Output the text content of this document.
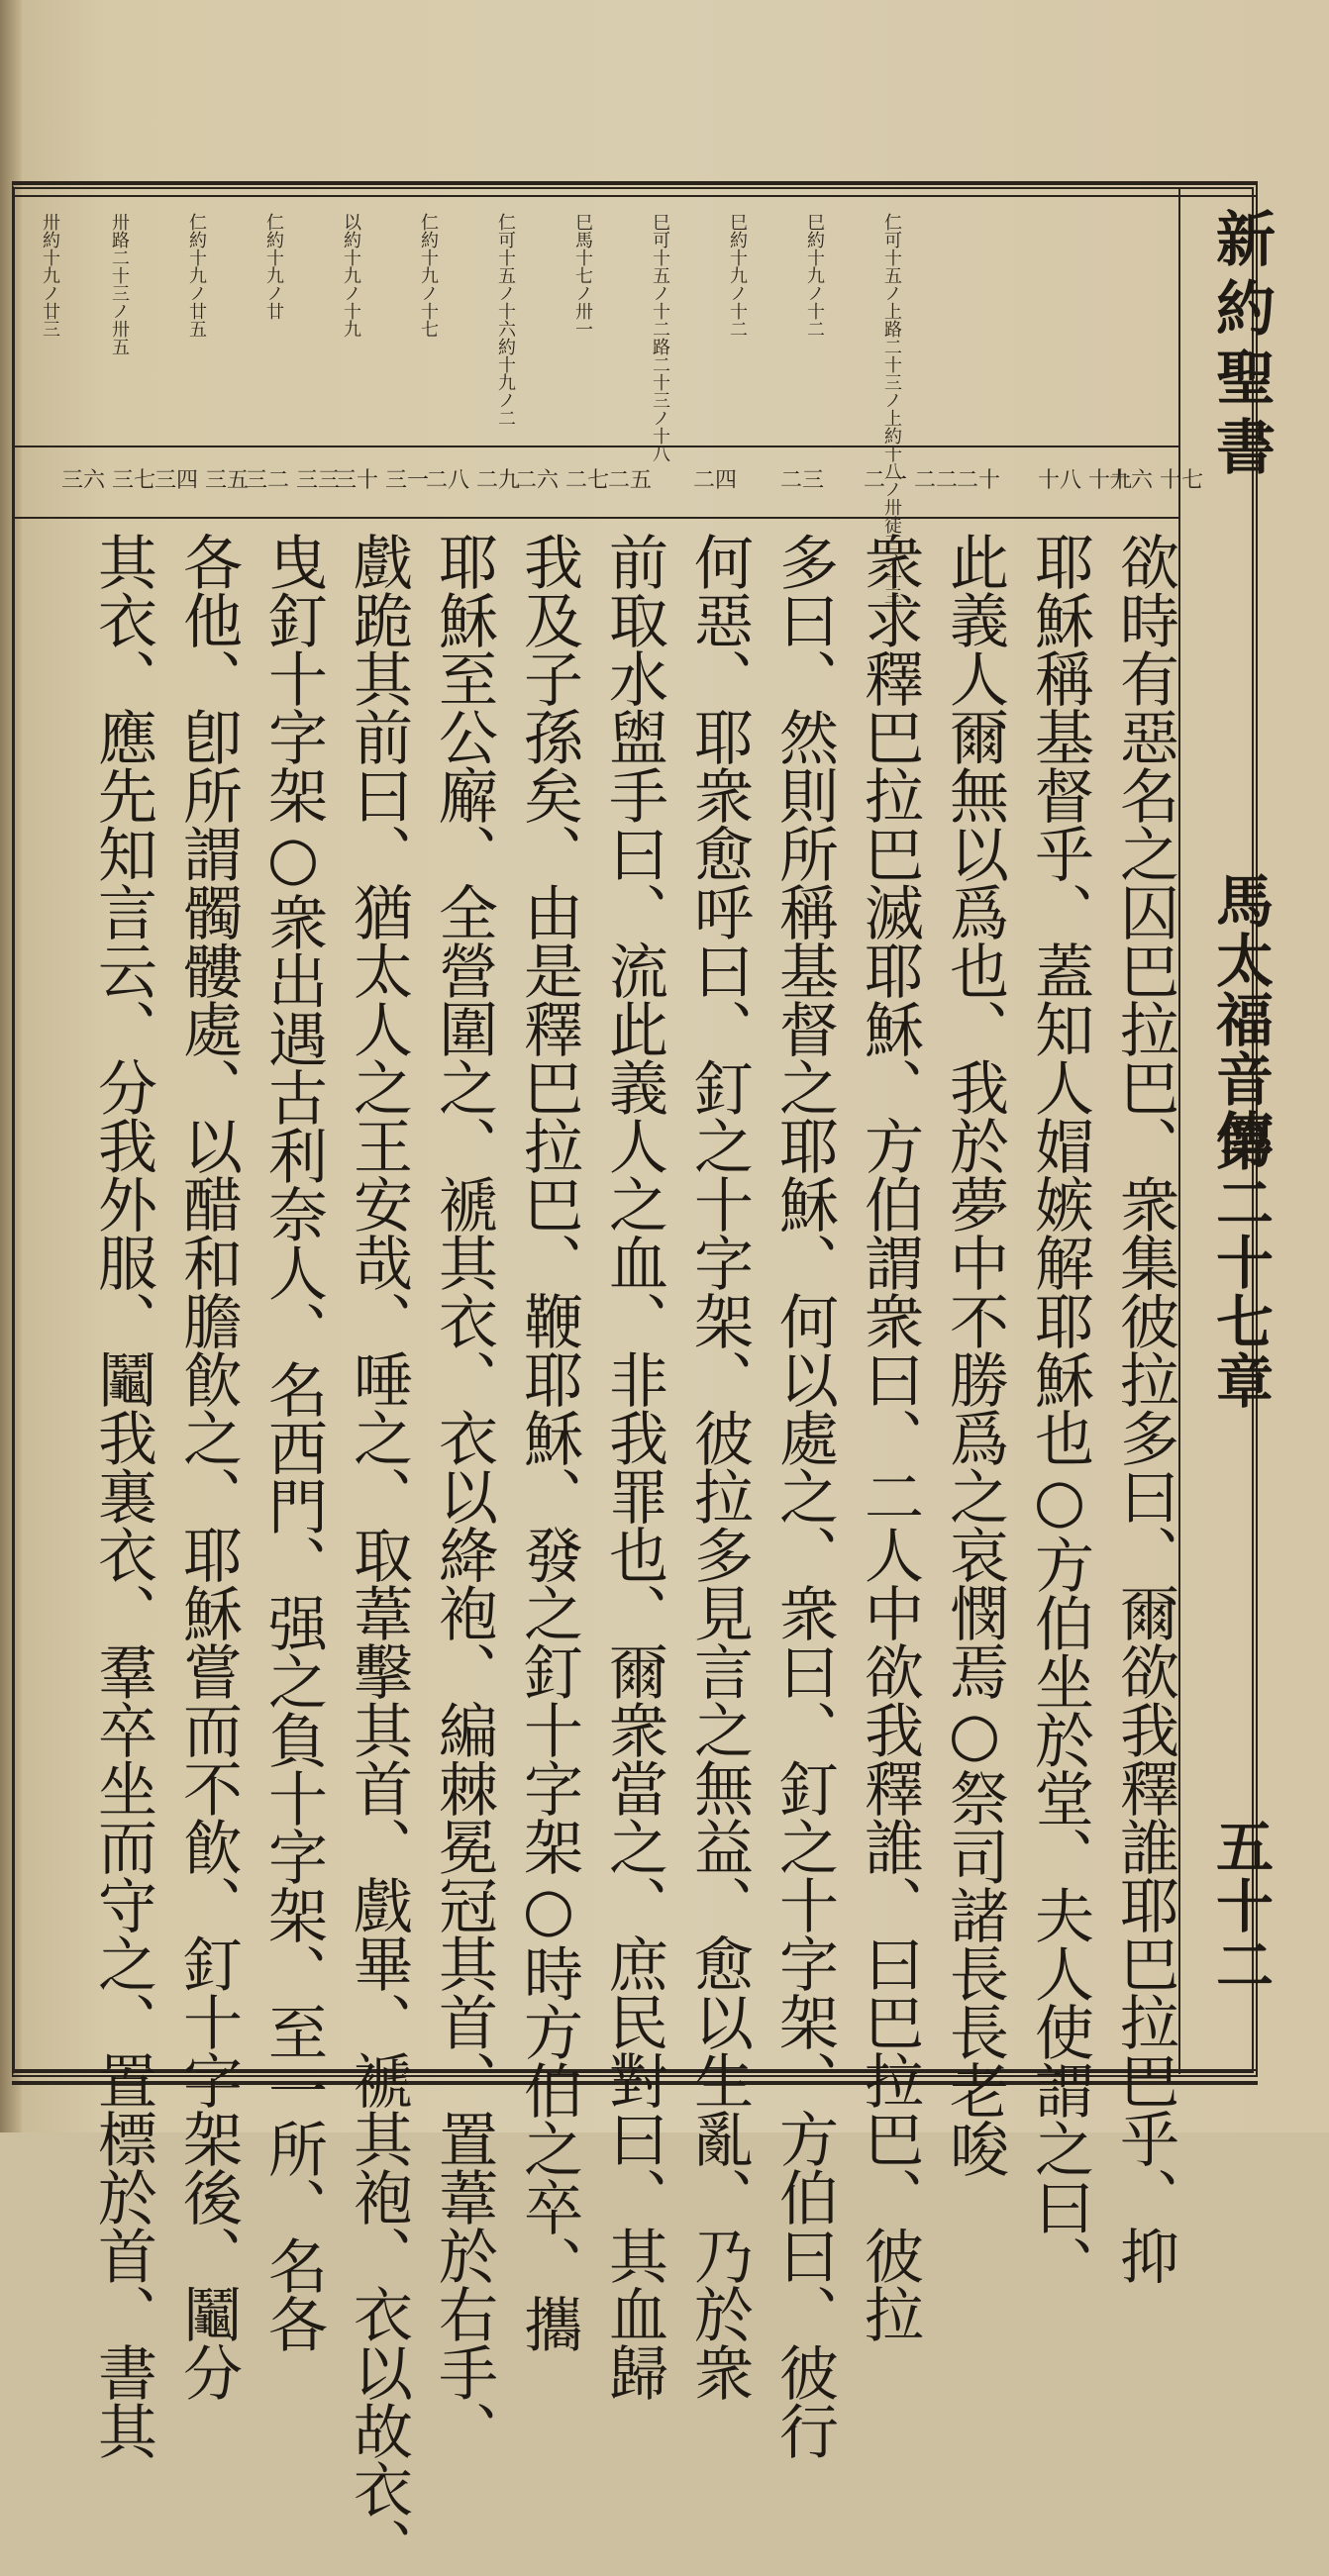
新約聖書
馬太福音傳
第二十七章
五十二
仁可十五ノ上路二十三ノ上約十八ノ卅徒三ノ十三
巳約十九ノ十二
巳約十九ノ十二
巳可十五ノ十二路二十三ノ十八
巳馬十七ノ卅一
仁可十五ノ十六約十九ノ二
仁約十九ノ十七
以約十九ノ十九
仁約十九ノ廿
仁約十九ノ廿五
卅路二十三ノ卅五
卅約十九ノ廿三
十六 十七
十八 十九
二十
二一 二二
二三
二四
二五
二六 二七
二八 二九
三十 三一
三二 三三
三四 三五
三六 三七
欲時有惡名之囚巴拉巴、衆集彼拉多曰、爾欲我釋誰耶巴拉巴乎、抑
耶穌稱基督乎、蓋知人媢嫉解耶穌也○方伯坐於堂、夫人使謂之曰、
此義人爾無以爲也、我於夢中不勝爲之哀憫焉○祭司諸長長老唆
衆求釋巴拉巴滅耶穌、方伯謂衆曰、二人中欲我釋誰、曰巴拉巴、彼拉
多曰、然則所稱基督之耶穌、何以處之、衆曰、釘之十字架、方伯曰、彼行
何惡、耶衆愈呼曰、釘之十字架、彼拉多見言之無益、愈以生亂、乃於衆
前取水盥手曰、流此義人之血、非我罪也、爾衆當之、庶民對曰、其血歸
我及子孫矣、由是釋巴拉巴、鞭耶穌、發之釘十字架○時方伯之卒、攜
耶穌至公廨、全營圍之、褫其衣、衣以絳袍、編棘冕冠其首、置葦於右手、
戲跪其前曰、猶太人之王安哉、唾之、取葦擊其首、戲畢、褫其袍、衣以故衣、
曳釘十字架○衆出遇古利奈人、名西門、强之負十字架、至一所、名各
各他、卽所謂髑髏處、以醋和膽飮之、耶穌嘗而不飮、釘十字架後、鬮分
其衣、應先知言云、分我外服、鬮我裏衣、羣卒坐而守之、置標於首、書其
